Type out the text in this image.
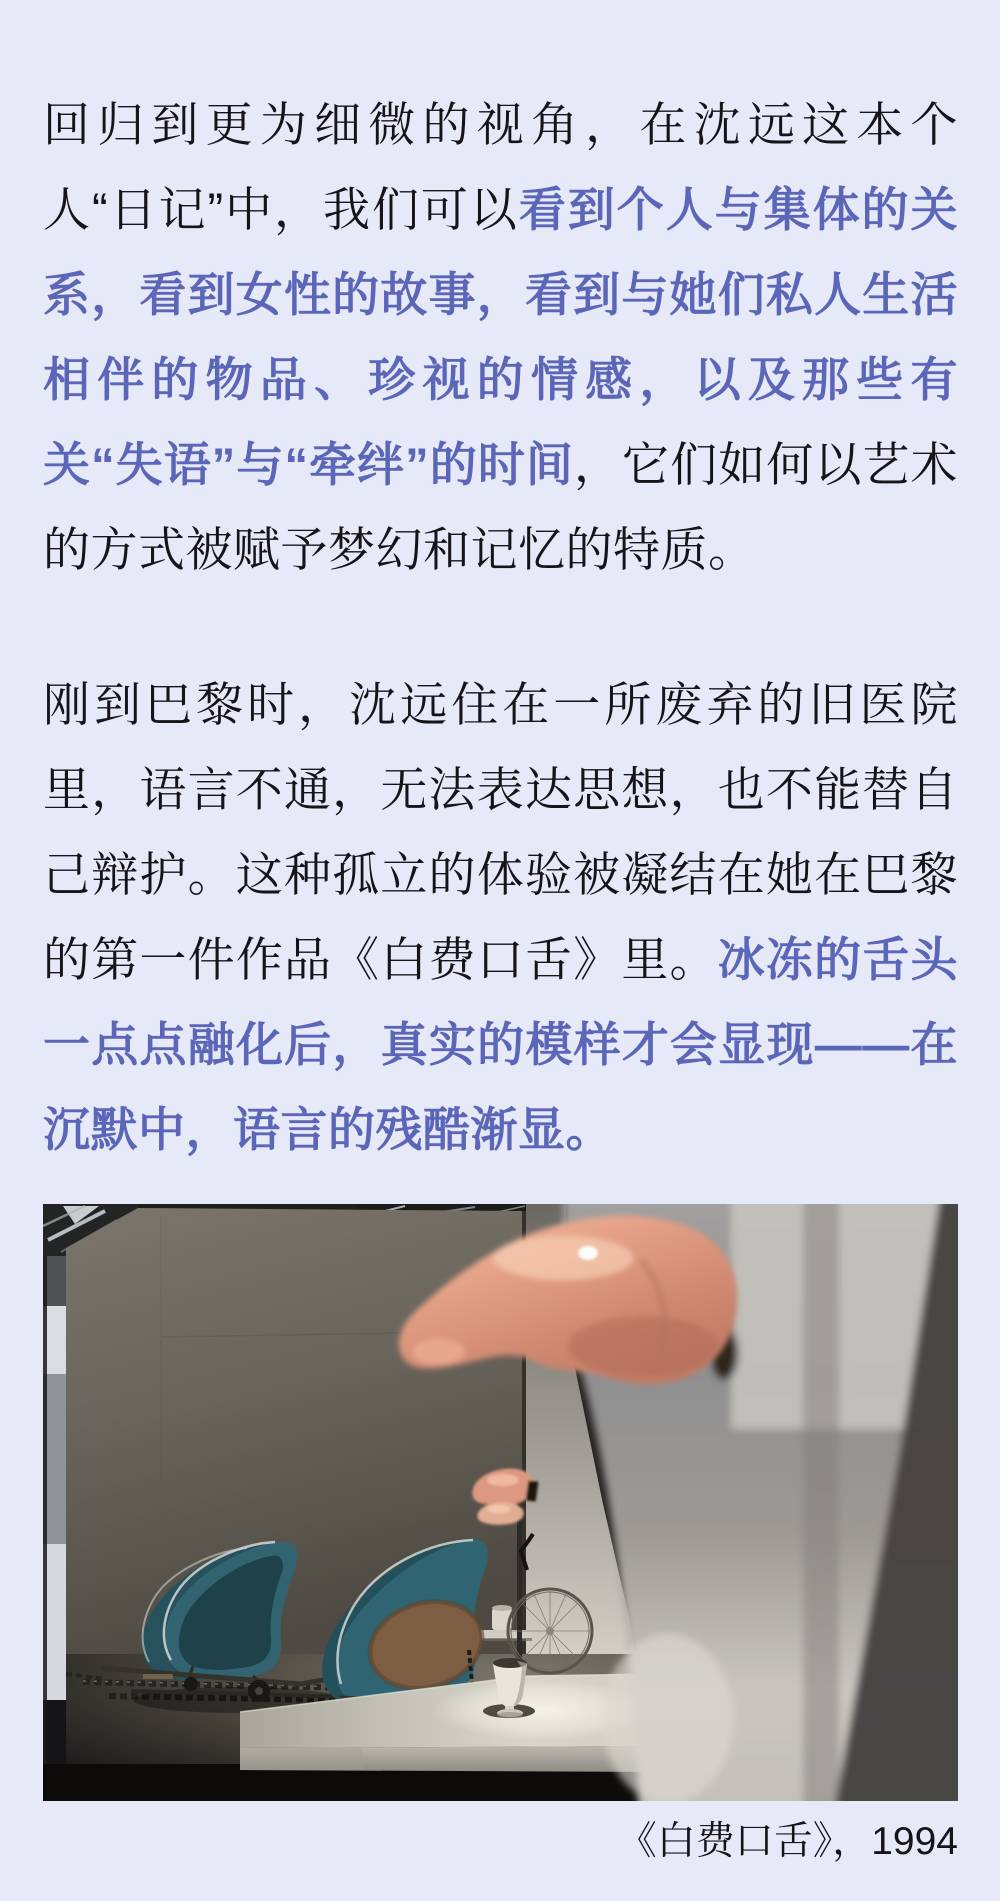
回归到更为细微的视角，在沈远这本个人“日记”中，我们可以看到个人与集体的关系，看到女性的故事，看到与她们私人生活相伴的物品、珍视的情感，以及那些有关“失语”与“牵绊”的时间，它们如何以艺术的方式被赋予梦幻和记忆的特质。

刚到巴黎时，沈远住在一所废弃的旧医院里，语言不通，无法表达思想，也不能替自己辩护。这种孤立的体验被凝结在她在巴黎的第一件作品《白费口舌》里。冰冻的舌头一点点融化后，真实的模样才会显现——在沉默中，语言的残酷渐显。

《白费口舌》，1994
